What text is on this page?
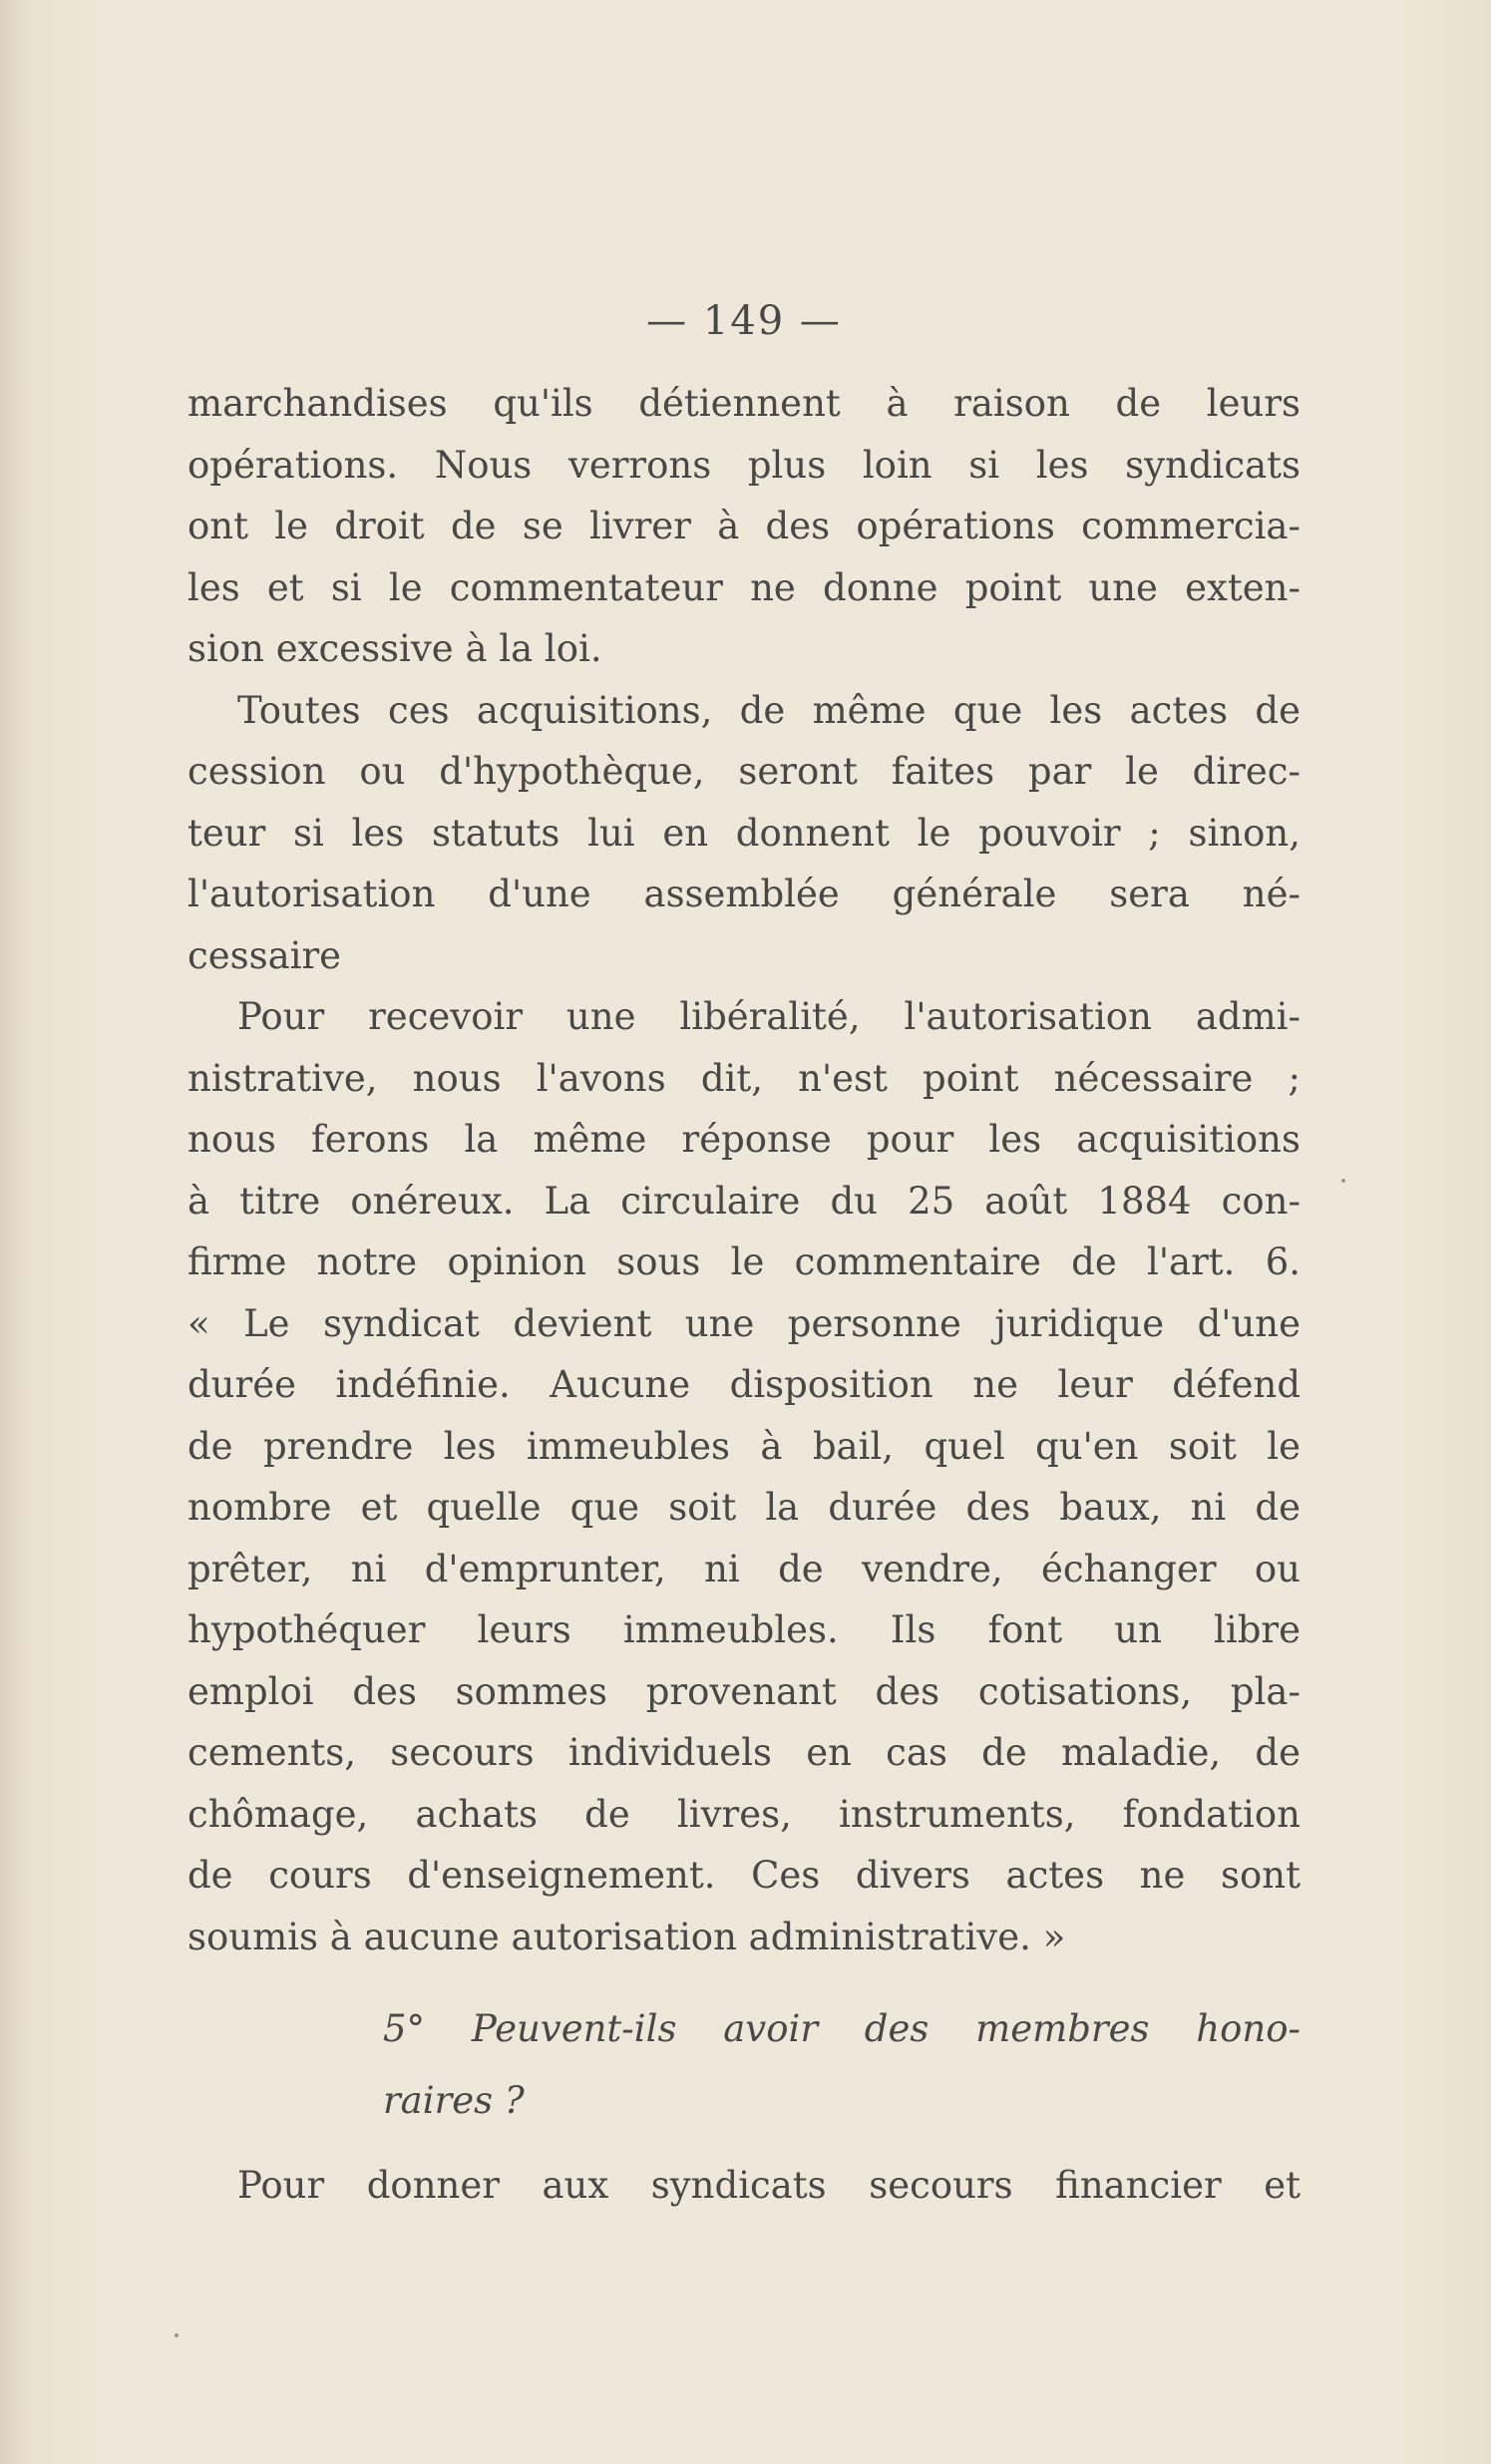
— 149 —
marchandises qu'ils détiennent à raison de leurs
opérations. Nous verrons plus loin si les syndicats
ont le droit de se livrer à des opérations commercia-
les et si le commentateur ne donne point une exten-
sion excessive à la loi.
Toutes ces acquisitions, de même que les actes de
cession ou d'hypothèque, seront faites par le direc-
teur si les statuts lui en donnent le pouvoir ; sinon,
l'autorisation d'une assemblée générale sera né-
cessaire
Pour recevoir une libéralité, l'autorisation admi-
nistrative, nous l'avons dit, n'est point nécessaire ;
nous ferons la même réponse pour les acquisitions
à titre onéreux. La circulaire du 25 août 1884 con-
firme notre opinion sous le commentaire de l'art. 6.
« Le syndicat devient une personne juridique d'une
durée indéfinie. Aucune disposition ne leur défend
de prendre les immeubles à bail, quel qu'en soit le
nombre et quelle que soit la durée des baux, ni de
prêter, ni d'emprunter, ni de vendre, échanger ou
hypothéquer leurs immeubles. Ils font un libre
emploi des sommes provenant des cotisations, pla-
cements, secours individuels en cas de maladie, de
chômage, achats de livres, instruments, fondation
de cours d'enseignement. Ces divers actes ne sont
soumis à aucune autorisation administrative. »
5° Peuvent-ils avoir des membres hono-
raires ?
Pour donner aux syndicats secours financier et
